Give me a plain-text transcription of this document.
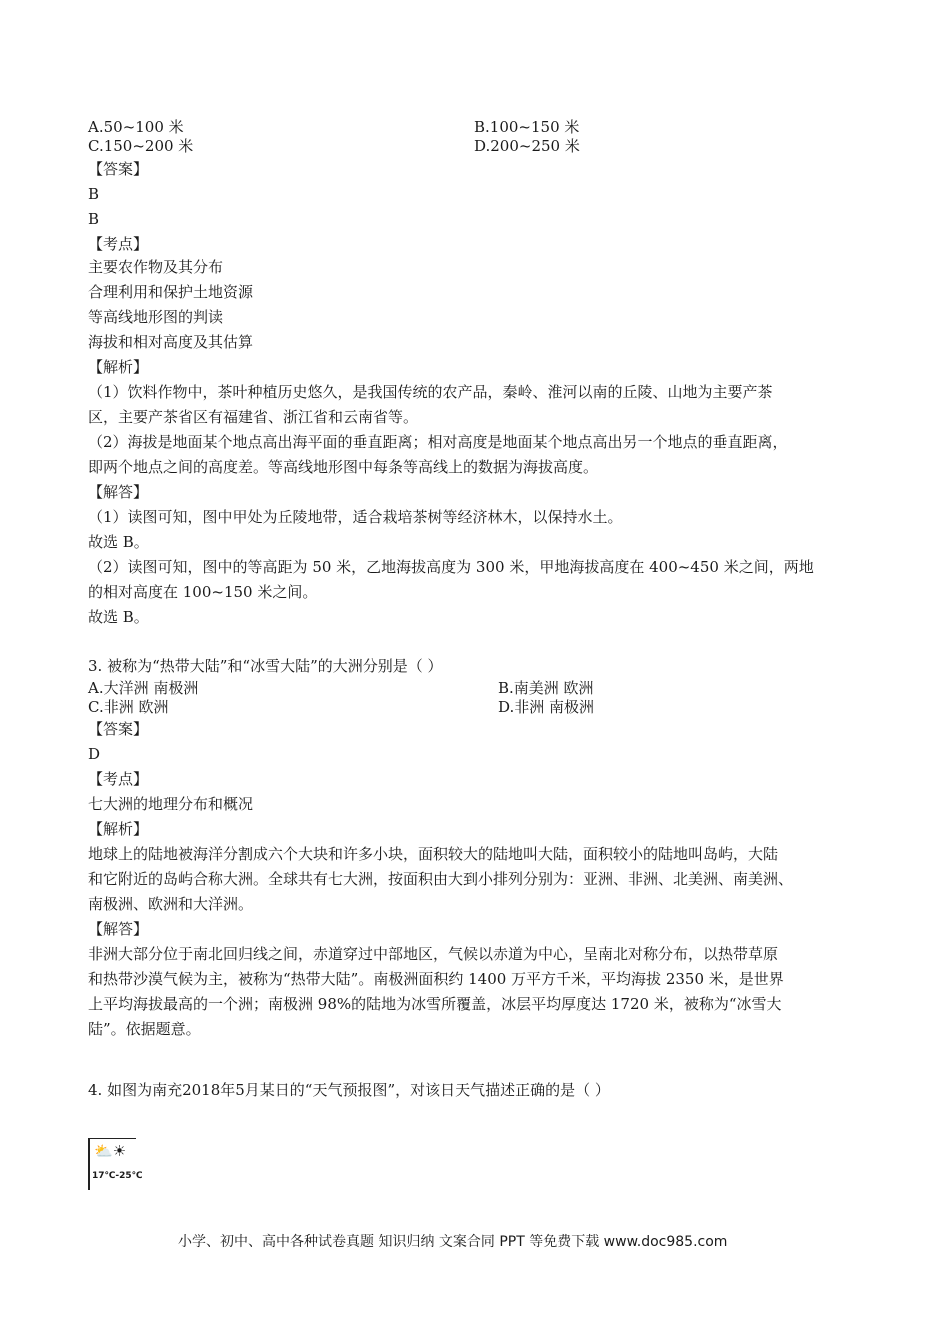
A.50~100 米	B.100~150 米
C.150~200 米	D.200~250 米
【答案】
B
B
【考点】
主要农作物及其分布
合理利用和保护土地资源
等高线地形图的判读
海拔和相对高度及其估算
【解析】
（1）饮料作物中，茶叶种植历史悠久，是我国传统的农产品，秦岭、淮河以南的丘陵、山地为主要产茶
区，主要产茶省区有福建省、浙江省和云南省等。
（2）海拔是地面某个地点高出海平面的垂直距离；相对高度是地面某个地点高出另一个地点的垂直距离，
即两个地点之间的高度差。等高线地形图中每条等高线上的数据为海拔高度。
【解答】
（1）读图可知，图中甲处为丘陵地带，适合栽培茶树等经济林木，以保持水土。
故选 B。
（2）读图可知，图中的等高距为 50 米，乙地海拔高度为 300 米，甲地海拔高度在 400~450 米之间，两地
的相对高度在 100~150 米之间。
故选 B。
3. 被称为“热带大陆”和“冰雪大陆”的大洲分别是（ ）
A.大洋洲 南极洲	B.南美洲 欧洲
C.非洲 欧洲	D.非洲 南极洲
【答案】
D
【考点】
七大洲的地理分布和概况
【解析】
地球上的陆地被海洋分割成六个大块和许多小块，面积较大的陆地叫大陆，面积较小的陆地叫岛屿，大陆
和它附近的岛屿合称大洲。全球共有七大洲，按面积由大到小排列分别为：亚洲、非洲、北美洲、南美洲、
南极洲、欧洲和大洋洲。
【解答】
非洲大部分位于南北回归线之间，赤道穿过中部地区，气候以赤道为中心，呈南北对称分布，以热带草原
和热带沙漠气候为主，被称为“热带大陆”。南极洲面积约 1400 万平方千米，平均海拔 2350 米，是世界
上平均海拔最高的一个洲；南极洲 98%的陆地为冰雪所覆盖，冰层平均厚度达 1720 米，被称为“冰雪大
陆”。依据题意。
4. 如图为南充2018年5月某日的“天气预报图”，对该日天气描述正确的是（ ）
⛅☀
17℃-25℃
小学、初中、高中各种试卷真题 知识归纳 文案合同 PPT 等免费下载 www.doc985.com
